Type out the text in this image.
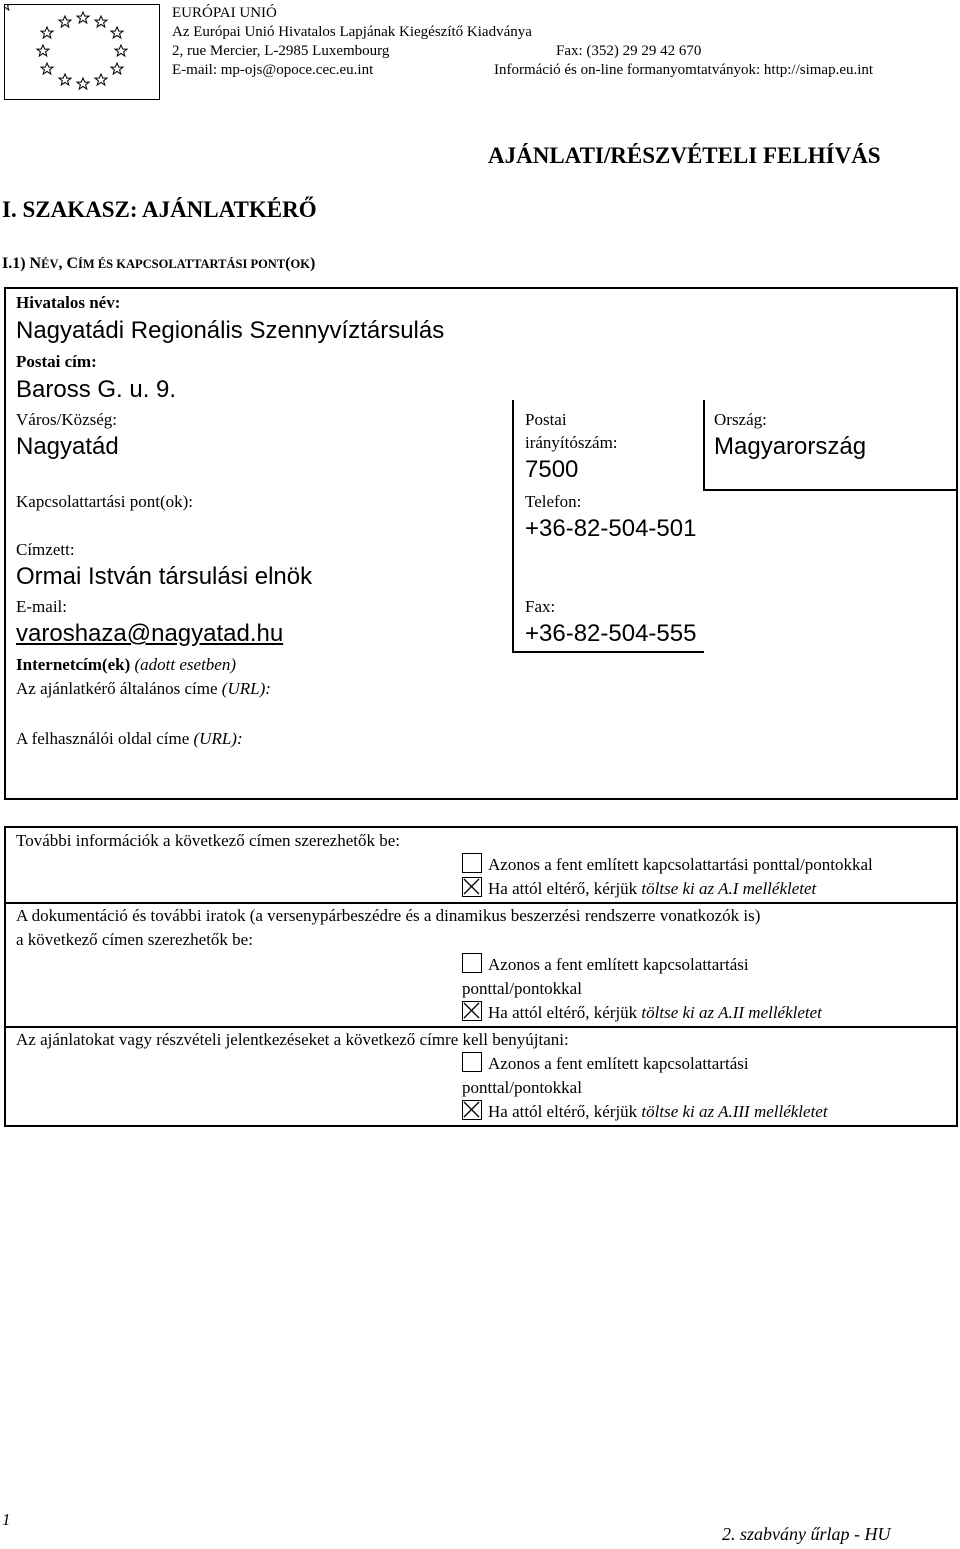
EURÓPAI UNIÓ
Az Európai Unió Hivatalos Lapjának Kiegészítő Kiadványa
2, rue Mercier, L-2985 Luxembourg	Fax: (352) 29 29 42 670
E-mail: mp-ojs@opoce.cec.eu.int	Információ és on-line formanyomtatványok: http://simap.eu.int
AJÁNLATI/RÉSZVÉTELI FELHÍVÁS
I. SZAKASZ: AJÁNLATKÉRŐ
I.1) NÉV, CÍM ÉS KAPCSOLATTARTÁSI PONT(OK)
Hivatalos név:
Nagyatádi Regionális Szennyvíztársulás
Postai cím:
Baross G. u. 9.
Város/Község:
Nagyatád
Postai
irányítószám:
7500
Ország:
Magyarország
Kapcsolattartási pont(ok):	Telefon:
+36-82-504-501
Címzett:
Ormai István társulási elnök
E-mail:
varoshaza@nagyatad.hu
Fax:
+36-82-504-555
Internetcím(ek) (adott esetben)
Az ajánlatkérő általános címe (URL):
A felhasználói oldal címe (URL):
További információk a következő címen szerezhetők be:
Azonos a fent említett kapcsolattartási ponttal/pontokkal
Ha attól eltérő, kérjük töltse ki az A.I mellékletet
A dokumentáció és további iratok (a versenypárbeszédre és a dinamikus beszerzési rendszerre vonatkozók is)
a következő címen szerezhetők be:
Azonos a fent említett kapcsolattartási
ponttal/pontokkal
Ha attól eltérő, kérjük töltse ki az A.II mellékletet
Az ajánlatokat vagy részvételi jelentkezéseket a következő címre kell benyújtani:
Azonos a fent említett kapcsolattartási
ponttal/pontokkal
Ha attól eltérő, kérjük töltse ki az A.III mellékletet
1
2. szabvány űrlap - HU
